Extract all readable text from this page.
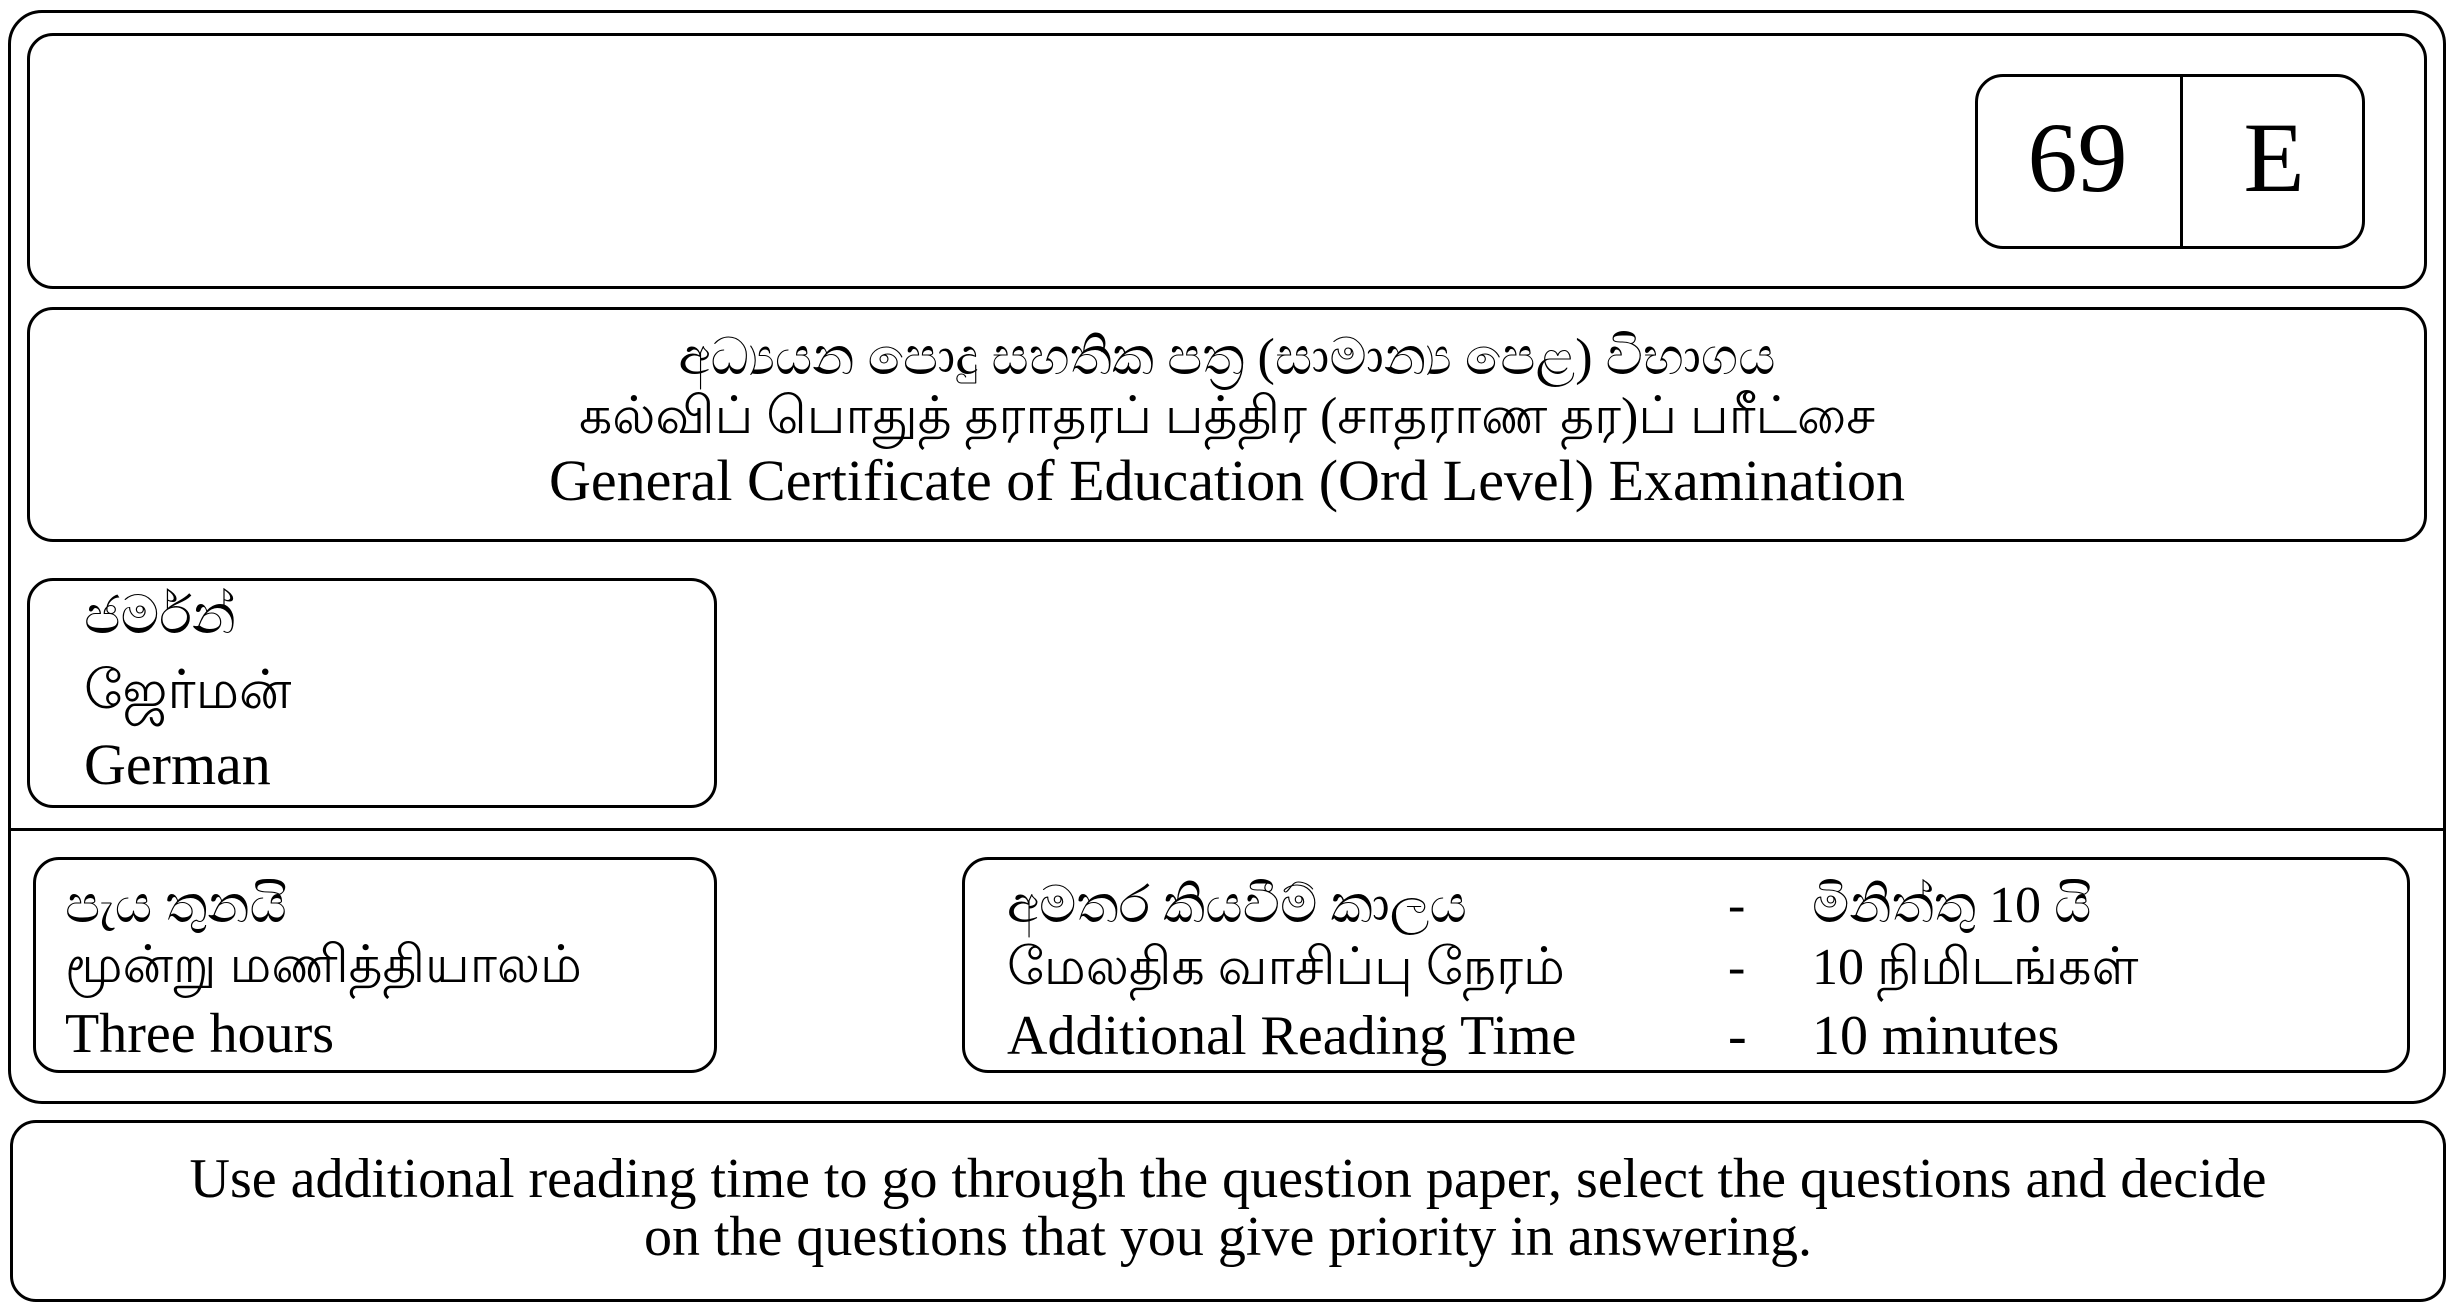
69	E
අධ්‍යයන පොදු සහතික පත්‍ර (සාමාන්‍ය පෙළ) විභාගය
கல்விப் பொதுத் தராதரப் பத்திர (சாதராண தர)ப் பரீட்சை
General Certificate of Education (Ord Level) Examination
ජර්මන්
ஜேர்மன்
German
පැය තුනයි
மூன்று மணித்தியாலம்
Three hours
අමතර කියවීම් කාලය	- මිනිත්තු 10 යි
மேலதிக வாசிப்பு நேரம்	- 10 நிமிடங்கள்
Additional Reading Time	- 10 minutes
Use additional reading time to go through the question paper, select the questions and decide on the questions that you give priority in answering.
